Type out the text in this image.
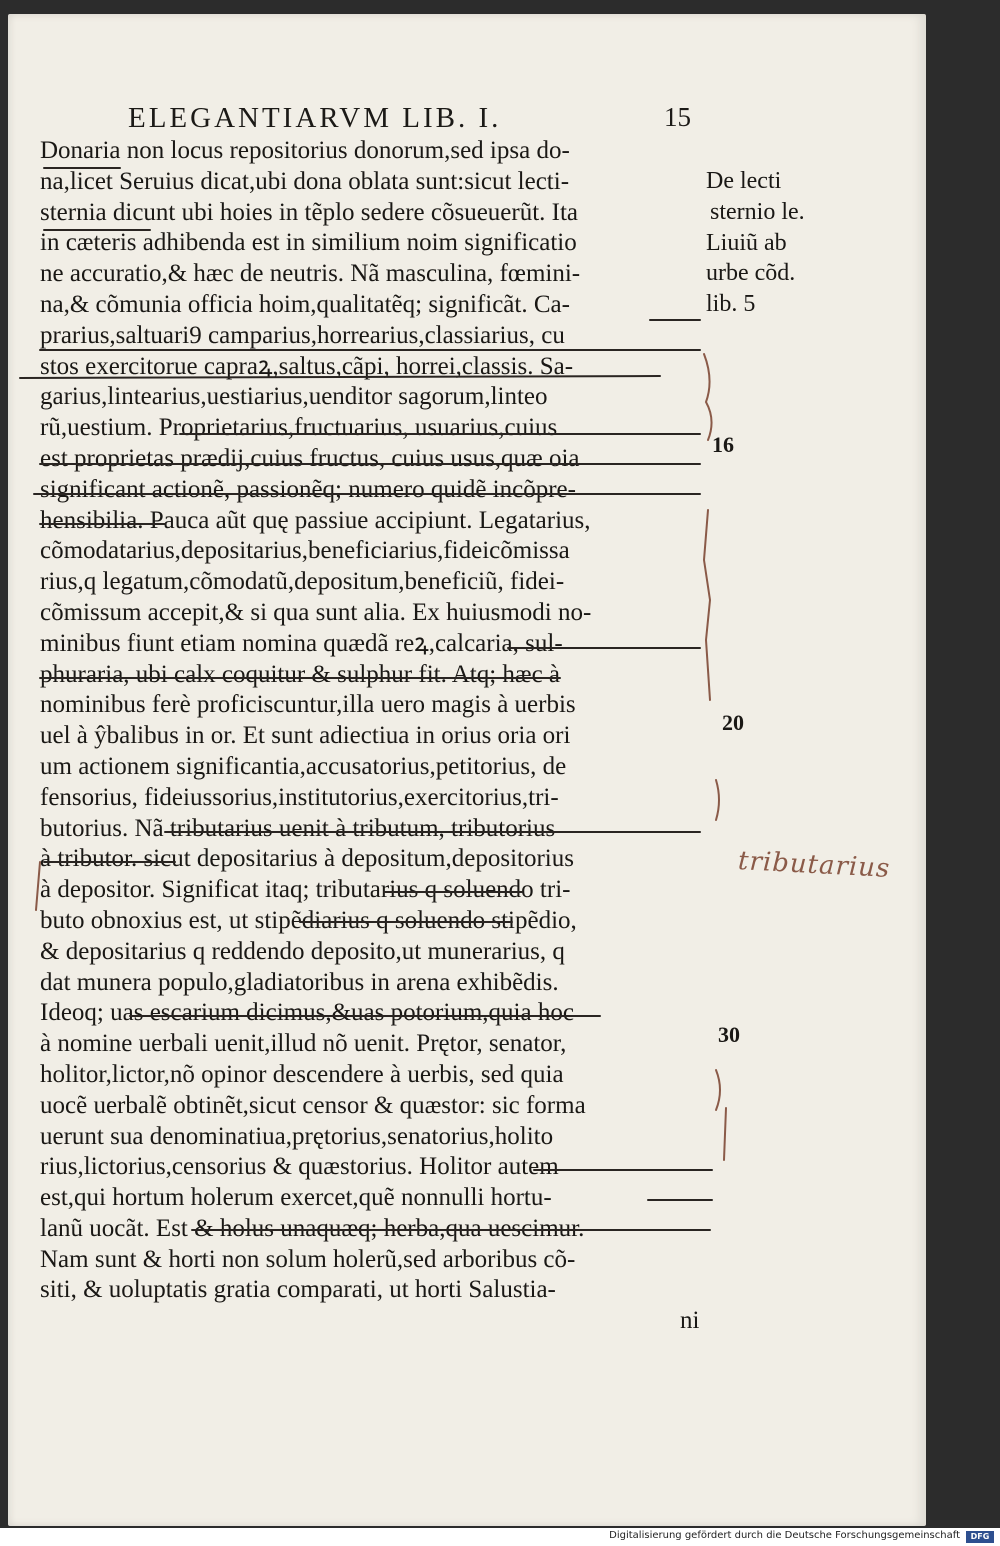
ELEGANTIARVM LIB. I.	15
Donaria non locus repositorius donorum,sed ipsa do-
na,licet Seruius dicat,ubi dona oblata sunt:sicut lecti-
sternia dicunt ubi hoies in tẽplo sedere cõsueuerũt. Ita
in cæteris adhibenda est in similium noim significatio
ne accuratio,& hæc de neutris. Nã masculina, fœmini-
na,& cõmunia officia hoim,qualitatẽq; significãt. Ca-
prarius,saltuari9 camparius,horrearius,classiarius, cu
stos exercitorue capraꝝ,saltus,cãpi, horrei,classis. Sa-
garius,lintearius,uestiarius,uenditor sagorum,linteo
rũ,uestium. Proprietarius,fructuarius, usuarius,cuius
est proprietas prædij,cuius fructus, cuius usus,quæ oia
significant actionẽ, passionẽq; numero quidẽ incõpre-
hensibilia. Pauca aũt quę passiue accipiunt. Legatarius,
cõmodatarius,depositarius,beneficiarius,fideicõmissa
rius,q legatum,cõmodatũ,depositum,beneficiũ, fidei-
cõmissum accepit,& si qua sunt alia. Ex huiusmodi no-
minibus fiunt etiam nomina quædã reꝝ,calcaria, sul-
phuraria, ubi calx coquitur & sulphur fit. Atq; hæc à
nominibus ferè proficiscuntur,illa uero magis à uerbis
uel à ŷbalibus in or. Et sunt adiectiua in orius oria ori
um actionem significantia,accusatorius,petitorius, de
fensorius, fideiussorius,institutorius,exercitorius,tri-
butorius. Nã tributarius uenit à tributum, tributorius
à tributor. sicut depositarius à depositum,depositorius
à depositor. Significat itaq; tributarius q soluendo tri-
buto obnoxius est, ut stipẽdiarius q soluendo stipẽdio,
& depositarius q reddendo deposito,ut munerarius, q
dat munera populo,gladiatoribus in arena exhibẽdis.
Ideoq; uas escarium dicimus,&uas potorium,quia hoc
à nomine uerbali uenit,illud nõ uenit. Prętor, senator,
holitor,lictor,nõ opinor descendere à uerbis, sed quia
uocẽ uerbalẽ obtinẽt,sicut censor & quæstor: sic forma
uerunt sua denominatiua,prętorius,senatorius,holito
rius,lictorius,censorius & quæstorius. Holitor autem
est,qui hortum holerum exercet,quẽ nonnulli hortu-
lanũ uocãt. Est & holus unaquæq; herba,qua uescimur.
Nam sunt & horti non solum holerũ,sed arboribus cõ-
siti, & uoluptatis gratia comparati, ut horti Salustia-
ni
De lecti
sternio le.
Liuiũ ab
urbe cõd.
lib. 5
16
20
30
tributarius
Digitalisierung gefördert durch die Deutsche Forschungsgemeinschaft	DFG
